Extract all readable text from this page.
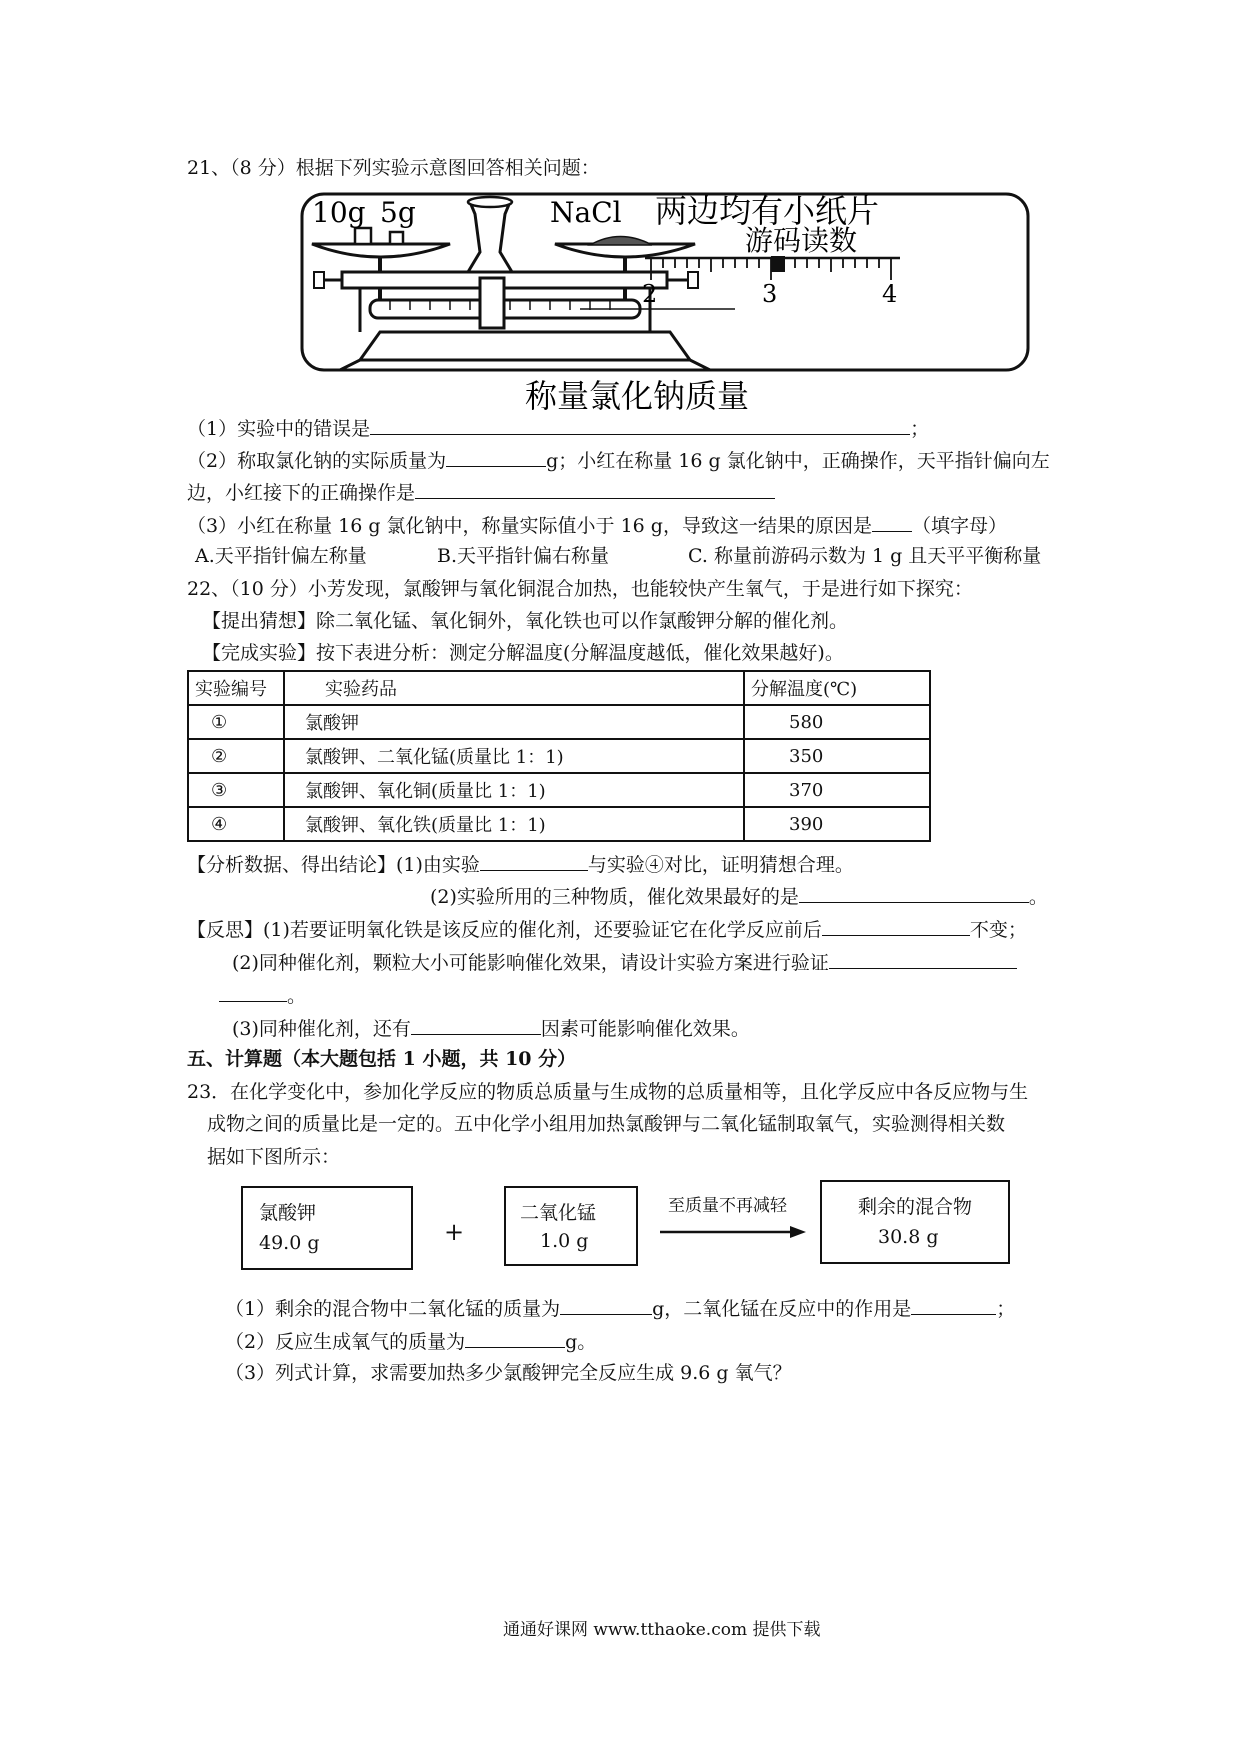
21、（8 分）根据下列实验示意图回答相关问题：
10g 5g	NaCl 两边均有小纸片
游码读数
2	3	4
称量氯化钠质量
（1）实验中的错误是	；
（2）称取氯化钠的实际质量为	g；小红在称量 16 g 氯化钠中，正确操作，天平指针偏向左
边，小红接下的正确操作是
（3）小红在称量 16 g 氯化钠中，称量实际值小于 16 g，导致这一结果的原因是 （填字母）
A.天平指针偏左称量	B.天平指针偏右称量	C. 称量前游码示数为 1 g 且天平平衡称量
22、（10 分）小芳发现，氯酸钾与氧化铜混合加热，也能较快产生氧气，于是进行如下探究：
【提出猜想】除二氧化锰、氧化铜外，氧化铁也可以作氯酸钾分解的催化剂。
【完成实验】按下表进分析：测定分解温度(分解温度越低，催化效果越好)。
实验编号	实验药品	分解温度(℃)
①	氯酸钾	580
②	氯酸钾、二氧化锰(质量比 1：1)	350
③	氯酸钾、氧化铜(质量比 1：1)	370
④	氯酸钾、氧化铁(质量比 1：1)	390
【分析数据、得出结论】(1)由实验	与实验④对比，证明猜想合理。
(2)实验所用的三种物质，催化效果最好的是	。
【反思】(1)若要证明氧化铁是该反应的催化剂，还要验证它在化学反应前后	不变；
(2)同种催化剂，颗粒大小可能影响催化效果，请设计实验方案进行验证
。
(3)同种催化剂，还有	因素可能影响催化效果。
五、计算题（本大题包括 1 小题，共 10 分）
23．在化学变化中，参加化学反应的物质总质量与生成物的总质量相等，且化学反应中各反应物与生
成物之间的质量比是一定的。五中化学小组用加热氯酸钾与二氧化锰制取氧气，实验测得相关数
据如下图所示：
氯酸钾
49.0 g	+
二氧化锰
1.0 g
至质量不再减轻	剩余的混合物
30.8 g
（1）剩余的混合物中二氧化锰的质量为	g，二氧化锰在反应中的作用是	；
（2）反应生成氧气的质量为	g。
（3）列式计算，求需要加热多少氯酸钾完全反应生成 9.6 g 氧气？
通通好课网 www.tthaoke.com 提供下载
